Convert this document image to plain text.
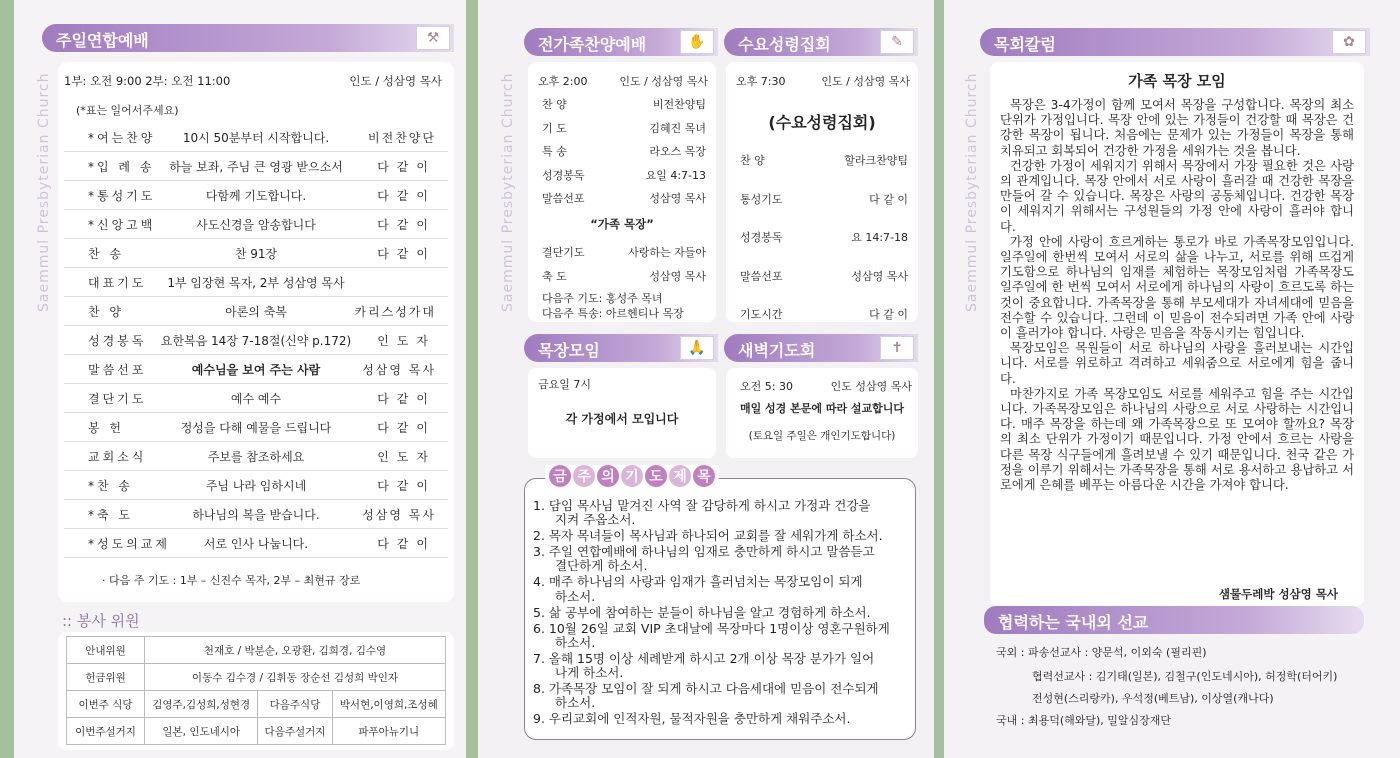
Saemmul Presbyterian Church
주일연합예배	⚒
1부: 오전 9:00 2부: 오전 11:00	인도 / 성삼영 목사
(*표는 일어서주세요)
*여는찬양	10시 50분부터 시작합니다.	비전찬양단
*입 례 송	하늘 보좌, 주님 큰 영광 받으소서	다같이
*통성기도	다함께 기도합니다.	다같이
*신앙고백	사도신경을 암송합니다	다같이
찬 송	찬 91장	다같이
대표기도	1부 임장현 목자, 2부 성삼영 목사
찬 양	아론의 축복	카리스성가대
성경봉독	요한복음 14장 7-18절(신약 p.172)	인도자
말씀선포	예수님을 보여 주는 사람	성삼영 목사
결단기도	예수 예수	다같이
봉 헌	정성을 다해 예물을 드립니다	다같이
교회소식	주보를 참조하세요	인도자
*찬 송	주님 나라 임하시네	다같이
*축 도	하나님의 복을 받습니다.	성삼영 목사
*성도의교제	서로 인사 나눕니다.	다같이
· 다음 주 기도 : 1부 – 신진수 목자, 2부 – 최현규 장로
:: 봉사 위원
안내위원	천재호 / 박분순, 오광환, 김희경, 김수영		
헌금위원	이동수 김수경 / 김휘동 장순선 김성희 박인자		
이번주 식당	김영주,김성희,성현경	다음주식당	박서현,이영희,조성혜
이번주설거지	일본, 인도네시아	다음주설거지	파푸아뉴기니
Saemmul Presbyterian Church
전가족찬양예배	✋
오후 2:00	인도 / 성삼영 목사
찬 양	비전찬양팀
기 도	김혜진 목녀
특 송	라오스 목장
성경봉독	요일 4:7-13
말씀선포	성삼영 목사
“가족 목장”
결단기도	사랑하는 자들아
축 도	성삼영 목사
다음주 기도: 홍성주 목녀
다음주 특송: 아르헨티나 목장
수요성령집회	✎
오후 7:30	인도 / 성삼영 목사
(수요성령집회)
찬 양	할라크찬양팀
통성기도	다 같 이
성경봉독	요 14:7-18
말씀선포	성삼영 목사
기도시간	다 같 이
목장모임	🙏
금요일 7시
각 가정에서 모입니다
새벽기도회	✝
오전 5: 30	인도 성삼영 목사
매일 성경 본문에 따라 설교합니다
(토요일 주일은 개인기도합니다)
금 주 의 기 도 제 목
1. 담임 목사님 맡겨진 사역 잘 감당하게 하시고 가정과 건강을
지켜 주옵소서.
2. 목자 목녀들이 목사님과 하나되어 교회를 잘 세워가게 하소서.
3. 주일 연합예배에 하나님의 임재로 충만하게 하시고 말씀듣고
결단하게 하소서.
4. 매주 하나님의 사랑과 임재가 흘러넘치는 목장모임이 되게
하소서.
5. 삶 공부에 참여하는 분들이 하나님을 알고 경험하게 하소서.
6. 10월 26일 교회 VIP 초대날에 목장마다 1명이상 영혼구원하게
하소서.
7. 올해 15명 이상 세례받게 하시고 2개 이상 목장 분가가 일어
나게 하소서.
8. 가족목장 모임이 잘 되게 하시고 다음세대에 믿음이 전수되게
하소서.
9. 우리교회에 인적자원, 물적자원을 충만하게 채워주소서.
Saemmul Presbyterian Church
목회칼럼	✿
가족 목장 모임

목장은 3-4가정이 함께 모여서 목장을 구성합니다. 목장의 최소단위가 가정입니다. 목장 안에 있는 가정들이 건강할 때 목장은 건강한 목장이 됩니다. 처음에는 문제가 있는 가정들이 목장을 통해 치유되고 회복되어 건강한 가정을 세워가는 것을 봅니다.

건강한 가정이 세워지기 위해서 목장에서 가장 필요한 것은 사랑의 관계입니다. 목장 안에서 서로 사랑이 흘러갈 때 건강한 목장을 만들어 갈 수 있습니다. 목장은 사랑의 공동체입니다. 건강한 목장이 세워지기 위해서는 구성원들의 가정 안에 사랑이 흘러야 합니다.

가정 안에 사랑이 흐르게하는 통로가 바로 가족목장모임입니다. 일주일에 한번씩 모여서 서로의 삶을 나누고, 서로를 위해 뜨겁게 기도함으로 하나님의 임재를 체험하는 목장모임처럼 가족목장도 일주일에 한 번씩 모여서 서로에게 하나님의 사랑이 흐르도록 하는 것이 중요합니다. 가족목장을 통해 부모세대가 자녀세대에 믿음을 전수할 수 있습니다. 그런데 이 믿음이 전수되려면 가족 안에 사랑이 흘러가야 합니다. 사랑은 믿음을 작동시키는 힘입니다.

목장모임은 목원들이 서로 하나님의 사랑을 흘러보내는 시간입니다. 서로를 위로하고 격려하고 세워줌으로 서로에게 힘을 줍니다.

마찬가지로 가족 목장모임도 서로를 세워주고 힘을 주는 시간입니다. 가족목장모임은 하나님의 사랑으로 서로 사랑하는 시간입니다. 매주 목장을 하는데 왜 가족목장으로 또 모여야 할까요? 목장의 최소 단위가 가정이기 때문입니다. 가정 안에서 흐르는 사랑을 다른 목장 식구들에게 흘려보낼 수 있기 때문입니다. 천국 같은 가정을 이루기 위해서는 가족목장을 통해 서로 용서하고 용납하고 서로에게 은혜를 베푸는 아름다운 시간을 가져야 합니다.

샘물두레박 성삼영 목사
협력하는 국내외 선교
국외 : 파송선교사 : 양문석, 이외숙 (필리핀)
협력선교사 : 김기태(일본), 김철구(인도네시아), 허정학(터어키)
전성현(스리랑카), 우석정(베트남), 이상열(캐나다)
국내 : 최용덕(해와달), 밀알심장재단
